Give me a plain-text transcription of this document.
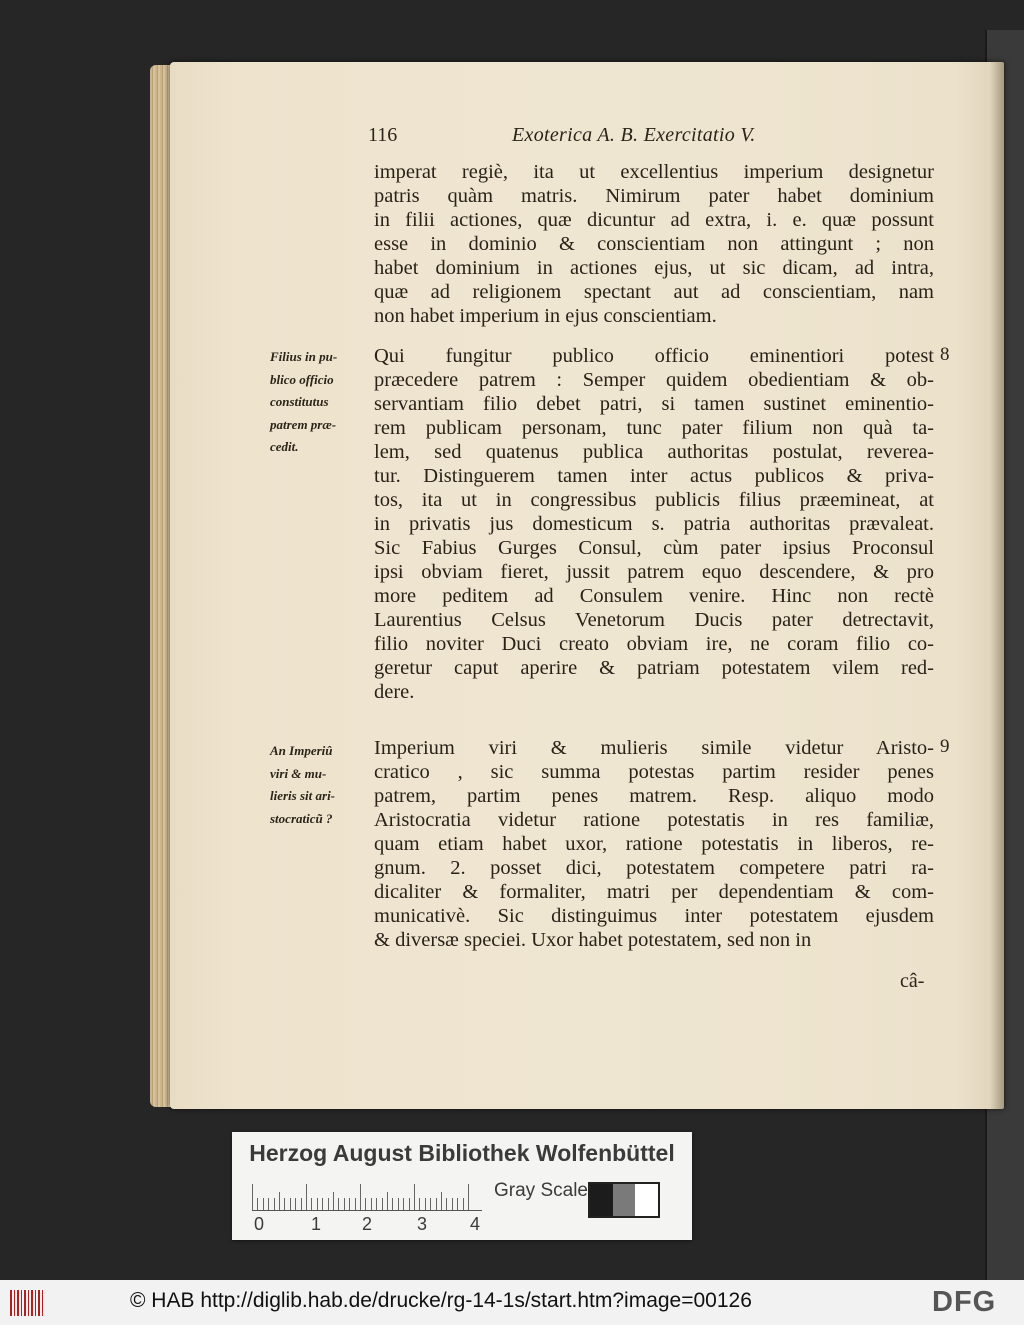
116	Exoterica A. B. Exercitatio V.
imperat regiè, ita ut excellentius imperium designetur
patris quàm matris. Nimirum pater habet dominium
in filii actiones, quæ dicuntur ad extra, i. e. quæ possunt
esse in dominio & conscientiam non attingunt ; non
habet dominium in actiones ejus, ut sic dicam, ad intra,
quæ ad religionem spectant aut ad conscientiam, nam
non habet imperium in ejus conscientiam.
Qui fungitur publico officio eminentiori potest
præcedere patrem : Semper quidem obedientiam & ob-
servantiam filio debet patri, si tamen sustinet eminentio-
rem publicam personam, tunc pater filium non quà ta-
lem, sed quatenus publica authoritas postulat, reverea-
tur. Distinguerem tamen inter actus publicos & priva-
tos, ita ut in congressibus publicis filius præemineat, at
in privatis jus domesticum s. patria authoritas prævaleat.
Sic Fabius Gurges Consul, cùm pater ipsius Proconsul
ipsi obviam fieret, jussit patrem equo descendere, & pro
more peditem ad Consulem venire. Hinc non rectè
Laurentius Celsus Venetorum Ducis pater detrectavit,
filio noviter Duci creato obviam ire, ne coram filio co-
geretur caput aperire & patriam potestatem vilem red-
dere.
Imperium viri & mulieris simile videtur Aristo-
cratico , sic summa potestas partim resider penes
patrem, partim penes matrem. Resp. aliquo modo
Aristocratia videtur ratione potestatis in res familiæ,
quam etiam habet uxor, ratione potestatis in liberos, re-
gnum. 2. posset dici, potestatem competere patri ra-
dicaliter & formaliter, matri per dependentiam & com-
municativè. Sic distinguimus inter potestatem ejusdem
& diversæ speciei. Uxor habet potestatem, sed non in
Filius in pu-
blico officio
constitutus
patrem præ-
cedit.
An Imperiû
viri & mu-
lieris sit ari-
stocraticũ ?
8
9
câ-
Herzog August Bibliothek Wolfenbüttel
0	1 2 3 4
Gray Scale
© HAB http://diglib.hab.de/drucke/rg-14-1s/start.htm?image=00126	DFG
